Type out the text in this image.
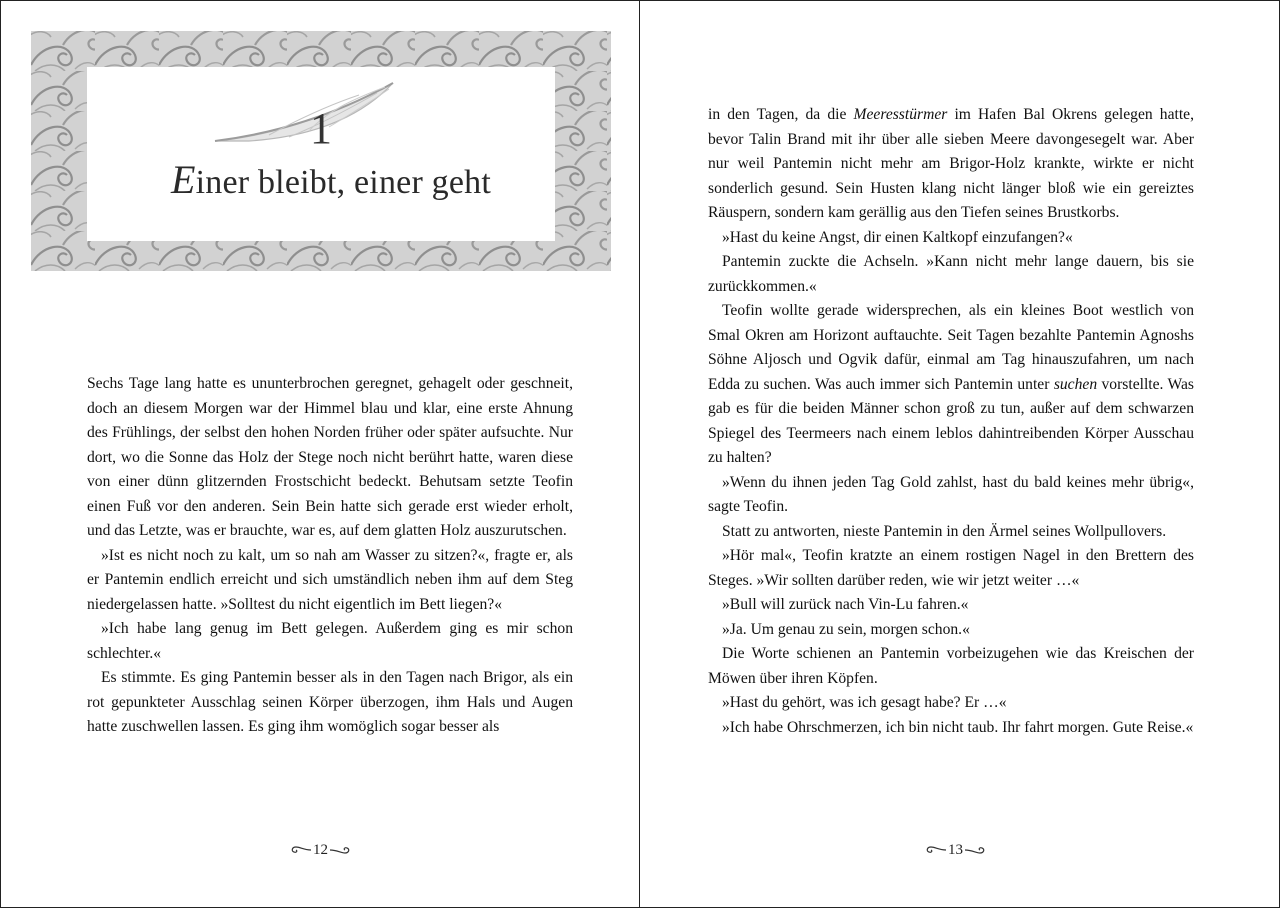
1
Einer bleibt, einer geht

Sechs Tage lang hatte es ununterbrochen geregnet, gehagelt oder geschneit, doch an diesem Morgen war der Himmel blau und klar, eine erste Ahnung des Frühlings, der selbst den hohen Norden früher oder später aufsuchte. Nur dort, wo die Sonne das Holz der Stege noch nicht berührt hatte, waren diese von einer dünn glitzernden Frostschicht bedeckt. Behutsam setzte Teofin einen Fuß vor den anderen. Sein Bein hatte sich gerade erst wieder erholt, und das Letzte, was er brauchte, war es, auf dem glatten Holz auszurutschen.

»Ist es nicht noch zu kalt, um so nah am Wasser zu sitzen?«, fragte er, als er Pantemin endlich erreicht und sich umständlich neben ihm auf dem Steg niedergelassen hatte. »Solltest du nicht eigentlich im Bett liegen?«

»Ich habe lang genug im Bett gelegen. Außerdem ging es mir schon schlechter.«

Es stimmte. Es ging Pantemin besser als in den Tagen nach Brigor, als ein rot gepunkteter Ausschlag seinen Körper überzogen, ihm Hals und Augen hatte zuschwellen lassen. Es ging ihm womöglich sogar besser als

12

in den Tagen, da die Meeresstürmer im Hafen Bal Okrens gelegen hatte, bevor Talin Brand mit ihr über alle sieben Meere davongesegelt war. Aber nur weil Pantemin nicht mehr am Brigor-Holz krankte, wirkte er nicht sonderlich gesund. Sein Husten klang nicht länger bloß wie ein gereiztes Räuspern, sondern kam gerällig aus den Tiefen seines Brustkorbs.

»Hast du keine Angst, dir einen Kaltkopf einzufangen?«

Pantemin zuckte die Achseln. »Kann nicht mehr lange dauern, bis sie zurückkommen.«

Teofin wollte gerade widersprechen, als ein kleines Boot westlich von Smal Okren am Horizont auftauchte. Seit Tagen bezahlte Pantemin Agnoshs Söhne Aljosch und Ogvik dafür, einmal am Tag hinauszufahren, um nach Edda zu suchen. Was auch immer sich Pantemin unter suchen vorstellte. Was gab es für die beiden Männer schon groß zu tun, außer auf dem schwarzen Spiegel des Teermeers nach einem leblos dahintreibenden Körper Ausschau zu halten?

»Wenn du ihnen jeden Tag Gold zahlst, hast du bald keines mehr übrig«, sagte Teofin.

Statt zu antworten, nieste Pantemin in den Ärmel seines Wollpullovers.

»Hör mal«, Teofin kratzte an einem rostigen Nagel in den Brettern des Steges. »Wir sollten darüber reden, wie wir jetzt weiter …«

»Bull will zurück nach Vin-Lu fahren.«

»Ja. Um genau zu sein, morgen schon.«

Die Worte schienen an Pantemin vorbeizugehen wie das Kreischen der Möwen über ihren Köpfen.

»Hast du gehört, was ich gesagt habe? Er …«

»Ich habe Ohrschmerzen, ich bin nicht taub. Ihr fahrt morgen. Gute Reise.«

13
